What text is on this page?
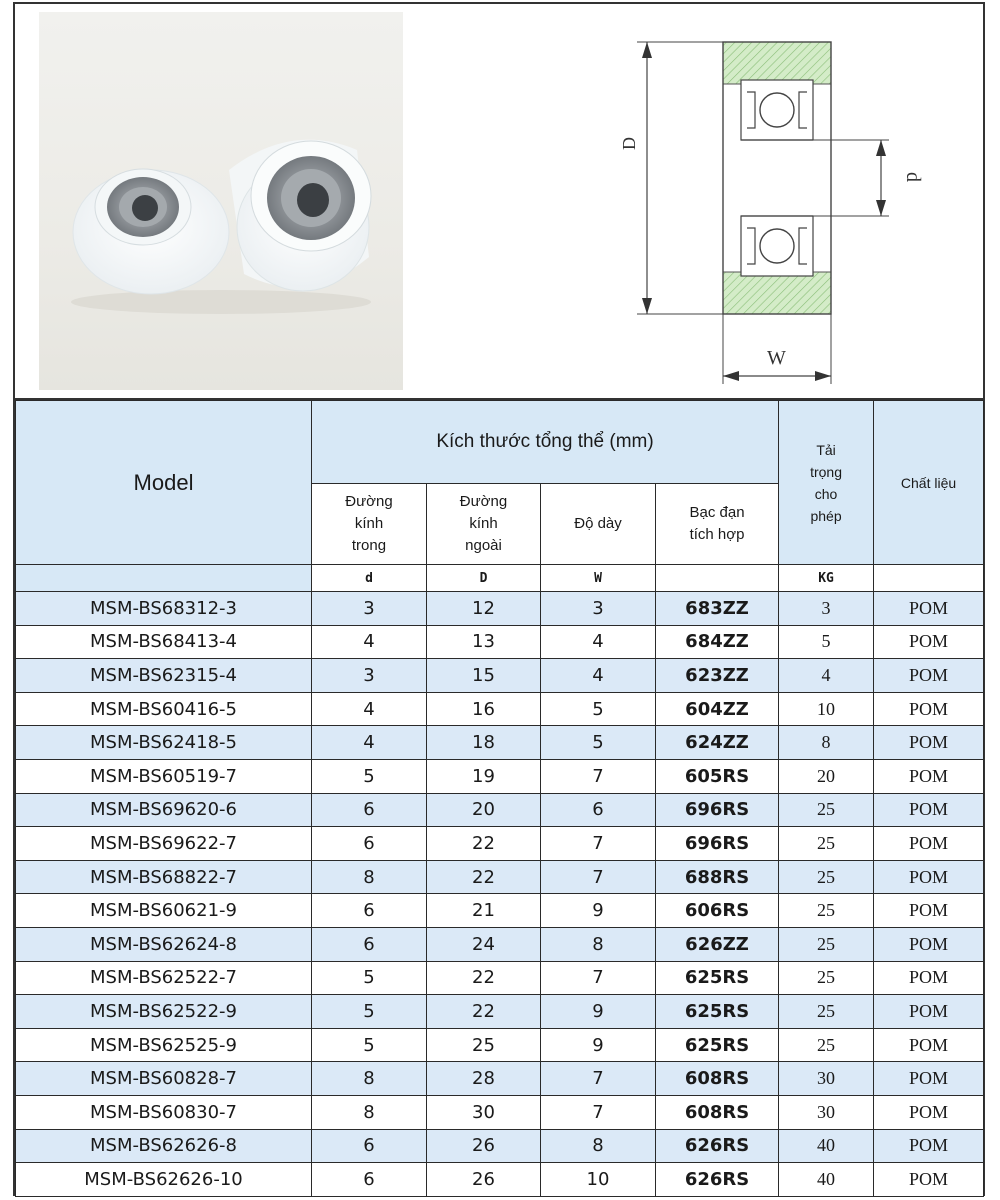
D
d
W
Model	Kích thước tổng thể (mm)				Tải
trọng
cho
phép	Chất liệu
	Đường
kính
trong	Đường
kính
ngoài	Độ dày	Bạc đạn
tích hợp		
	d	D	W		KG	
MSM-BS68312-3	3	12	3	683ZZ	3	POM
MSM-BS68413-4	4	13	4	684ZZ	5	POM
MSM-BS62315-4	3	15	4	623ZZ	4	POM
MSM-BS60416-5	4	16	5	604ZZ	10	POM
MSM-BS62418-5	4	18	5	624ZZ	8	POM
MSM-BS60519-7	5	19	7	605RS	20	POM
MSM-BS69620-6	6	20	6	696RS	25	POM
MSM-BS69622-7	6	22	7	696RS	25	POM
MSM-BS68822-7	8	22	7	688RS	25	POM
MSM-BS60621-9	6	21	9	606RS	25	POM
MSM-BS62624-8	6	24	8	626ZZ	25	POM
MSM-BS62522-7	5	22	7	625RS	25	POM
MSM-BS62522-9	5	22	9	625RS	25	POM
MSM-BS62525-9	5	25	9	625RS	25	POM
MSM-BS60828-7	8	28	7	608RS	30	POM
MSM-BS60830-7	8	30	7	608RS	30	POM
MSM-BS62626-8	6	26	8	626RS	40	POM
MSM-BS62626-10	6	26	10	626RS	40	POM
